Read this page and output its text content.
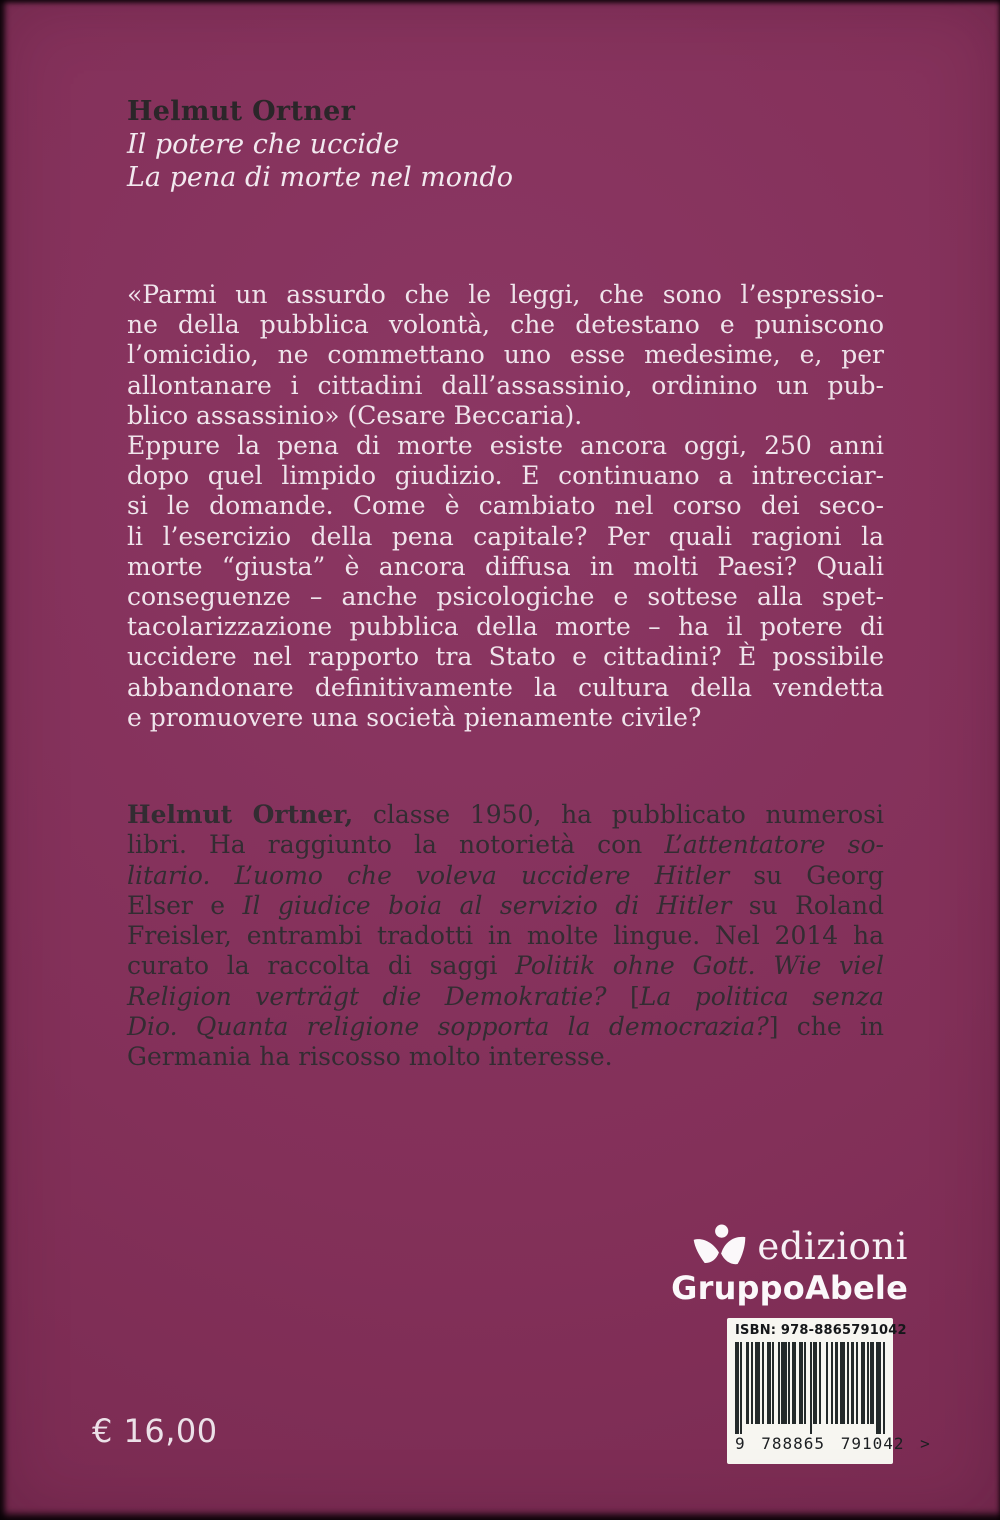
Helmut Ortner
Il potere che uccide
La pena di morte nel mondo
«Parmi un assurdo che le leggi, che sono l’espressio-
ne della pubblica volontà, che detestano e puniscono
l’omicidio, ne commettano uno esse medesime, e, per
allontanare i cittadini dall’assassinio, ordinino un pub-
blico assassinio» (Cesare Beccaria).
Eppure la pena di morte esiste ancora oggi, 250 anni
dopo quel limpido giudizio. E continuano a intrecciar-
si le domande. Come è cambiato nel corso dei seco-
li l’esercizio della pena capitale? Per quali ragioni la
morte “giusta” è ancora diffusa in molti Paesi? Quali
conseguenze – anche psicologiche e sottese alla spet-
tacolarizzazione pubblica della morte – ha il potere di
uccidere nel rapporto tra Stato e cittadini? È possibile
abbandonare definitivamente la cultura della vendetta
e promuovere una società pienamente civile?
Helmut Ortner, classe 1950, ha pubblicato numerosi
libri. Ha raggiunto la notorietà con L’attentatore so-
litario. L’uomo che voleva uccidere Hitler su Georg
Elser e Il giudice boia al servizio di Hitler su Roland
Freisler, entrambi tradotti in molte lingue. Nel 2014 ha
curato la raccolta di saggi Politik ohne Gott. Wie viel
Religion verträgt die Demokratie? [La politica senza
Dio. Quanta religione sopporta la democrazia?] che in
Germania ha riscosso molto interesse.
edizioni
GruppoAbele
ISBN: 978-8865791042
9 788865 791042 >
€ 16,00
